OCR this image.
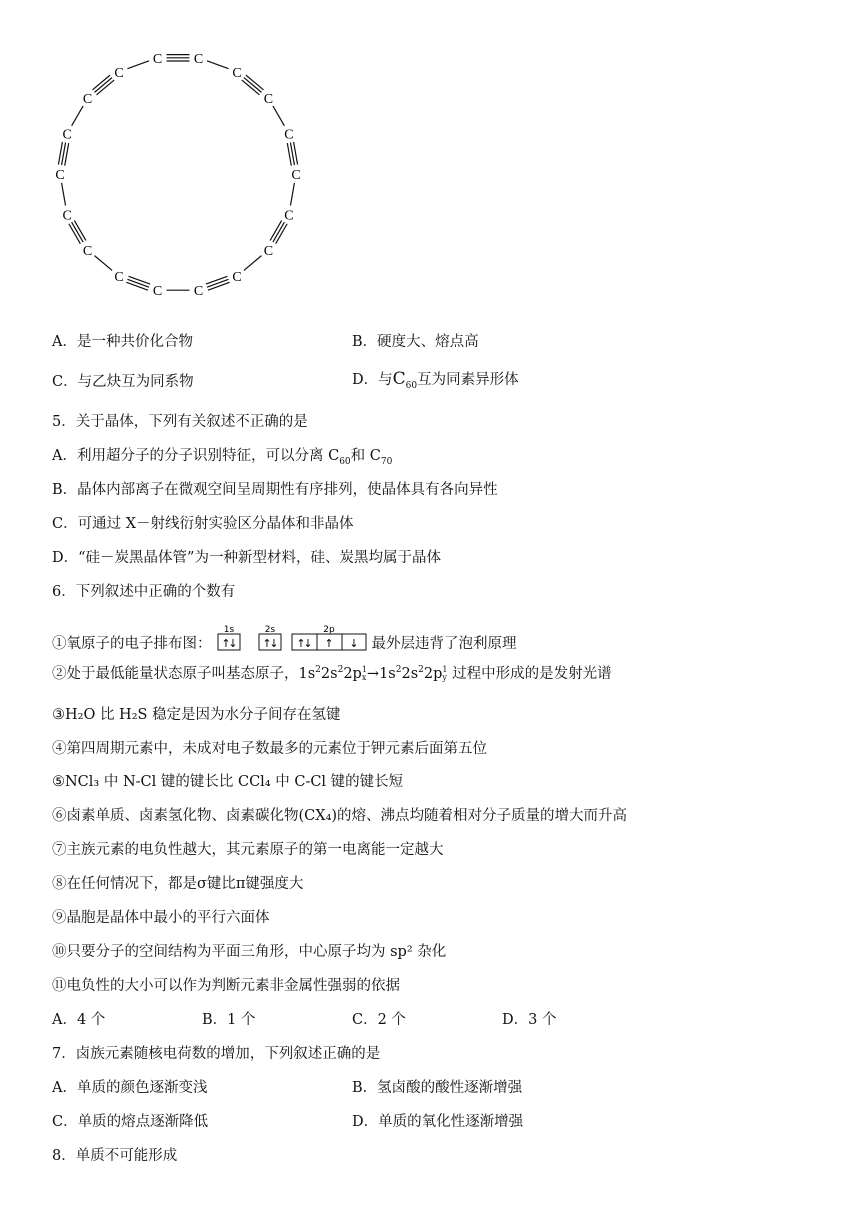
C C
C
C
C
C
C
C
C
C
C
C
C
C
C
C
C
C
A．是一种共价化合物	B．硬度大、熔点高
C．与乙炔互为同系物	D．与$C_{60}$互为同素异形体
5．关于晶体，下列有关叙述不正确的是
A．利用超分子的分子识别特征，可以分离 $C_{60}$和 $C_{70}$
B．晶体内部离子在微观空间呈周期性有序排列，使晶体具有各向异性
C．可通过 X－射线衍射实验区分晶体和非晶体
D．“硅－炭黑晶体管”为一种新型材料，硅、炭黑均属于晶体
6．下列叙述中正确的个数有
①氧原子的电子排布图：
1s	2s	2p
↑
↓ ↑
↓ ↑
↓ ↑ ↓ 最外层违背了泡利原理
②处于最低能量状态原子叫基态原子，$1s^22s^22p1$
$x\to 1s^22s^22p1$
y 过程中形成的是发射光谱
③H₂O 比 H₂S 稳定是因为水分子间存在氢键
④第四周期元素中，未成对电子数最多的元素位于钾元素后面第五位
⑤NCl₃ 中 N-Cl 键的键长比 CCl₄ 中 C-Cl 键的键长短
⑥卤素单质、卤素氢化物、卤素碳化物(CX₄)的熔、沸点均随着相对分子质量的增大而升高
⑦主族元素的电负性越大，其元素原子的第一电离能一定越大
⑧在任何情况下，都是σ键比π键强度大
⑨晶胞是晶体中最小的平行六面体
⑩只要分子的空间结构为平面三角形，中心原子均为 sp² 杂化
⑪电负性的大小可以作为判断元素非金属性强弱的依据
A．4 个	B．1 个	C．2 个	D．3 个
7．卤族元素随核电荷数的增加，下列叙述正确的是
A．单质的颜色逐渐变浅	B．氢卤酸的酸性逐渐增强
C．单质的熔点逐渐降低	D．单质的氧化性逐渐增强
8．单质不可能形成
